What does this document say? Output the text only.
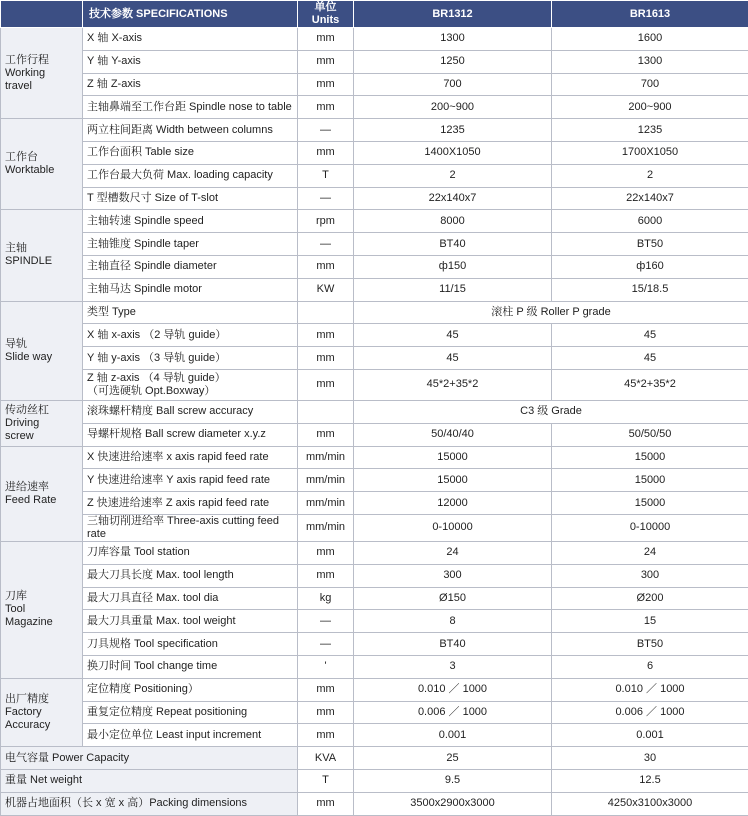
	技术参数 SPECIFICATIONS	单位 Units	BR1312	BR1613
工作行程
Working
travel	X 轴 X-axis	mm	1300	1600
	Y 轴 Y-axis	mm	1250	1300
	Z 轴 Z-axis	mm	700	700
	主轴鼻端至工作台距 Spindle nose to table	mm	200~900	200~900
工作台
Worktable	两立柱间距离 Width between columns	—	1235	1235
	工作台面积 Table size	mm	1400X1050	1700X1050
	工作台最大负荷 Max. loading capacity	T	2	2
	T 型槽数尺寸 Size of T-slot	—	22x140x7	22x140x7
主轴
SPINDLE	主轴转速 Spindle speed	rpm	8000	6000
	主轴锥度 Spindle taper	—	BT40	BT50
	主轴直径 Spindle diameter	mm	ф150	ф160
	主轴马达 Spindle motor	KW	11/15	15/18.5
导轨
Slide way	类型 Type		滚柱 P 级 Roller P grade	
	X 轴 x-axis （2 导轨 guide）	mm	45	45
	Y 轴 y-axis （3 导轨 guide）	mm	45	45
	Z 轴 z-axis （4 导轨 guide）
（可选硬轨 Opt.Boxway）	mm	45*2+35*2	45*2+35*2
传动丝杠
Driving
screw	滚珠螺杆精度 Ball screw accuracy		C3 级 Grade	
	导螺杆规格 Ball screw diameter x.y.z	mm	50/40/40	50/50/50
进给速率
Feed Rate	X 快速进给速率 x axis rapid feed rate	mm/min	15000	15000
	Y 快速进给速率 Y axis rapid feed rate	mm/min	15000	15000
	Z 快速进给速率 Z axis rapid feed rate	mm/min	12000	15000
	三轴切削进给率 Three-axis cutting feed rate	mm/min	0-10000	0-10000
刀库
Tool
Magazine	刀库容量 Tool station	mm	24	24
	最大刀具长度 Max. tool length	mm	300	300
	最大刀具直径 Max. tool dia	kg	Ø150	Ø200
	最大刀具重量 Max. tool weight	—	8	15
	刀具规格 Tool specification	—	BT40	BT50
	换刀时间 Tool change time	'	3	6
出厂精度
Factory
Accuracy	定位精度 Positioning）	mm	0.010 ／ 1000	0.010 ／ 1000
	重复定位精度 Repeat positioning	mm	0.006 ／ 1000	0.006 ／ 1000
	最小定位单位 Least input increment	mm	0.001	0.001
电气容量 Power Capacity		KVA	25	30
重量 Net weight		T	9.5	12.5
机器占地面积（长 x 宽 x 高）Packing dimensions		mm	3500x2900x3000	4250x3100x3000
